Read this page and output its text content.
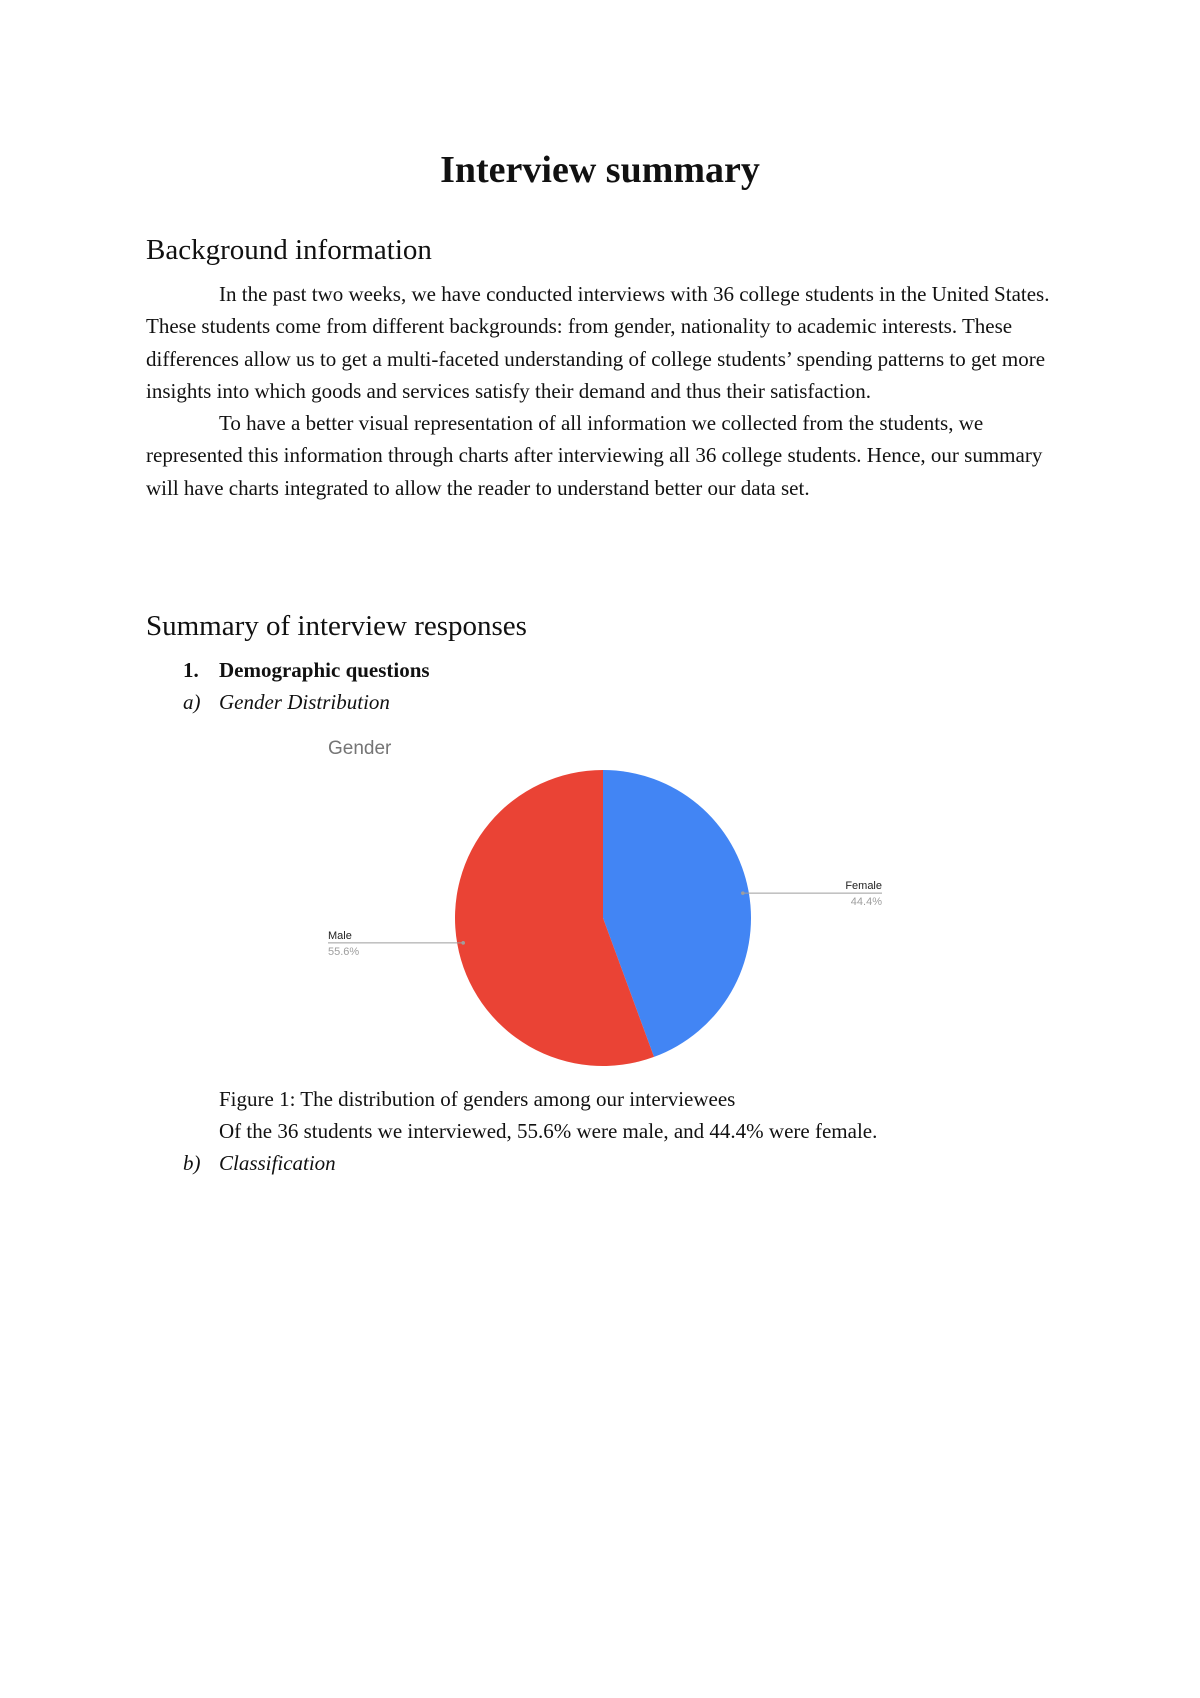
Interview summary
Background information

In the past two weeks, we have conducted interviews with 36 college students in the United States. These students come from different backgrounds: from gender, nationality to academic interests. These differences allow us to get a multi-faceted understanding of college students’ spending patterns to get more insights into which goods and services satisfy their demand and thus their satisfaction.

To have a better visual representation of all information we collected from the students, we represented this information through charts after interviewing all 36 college students. Hence, our summary will have charts integrated to allow the reader to understand better our data set.

Summary of interview responses
1. Demographic questions
a) Gender Distribution
Gender
Female
44.4%
Male
55.6%
Figure 1: The distribution of genders among our interviewees
Of the 36 students we interviewed, 55.6% were male, and 44.4% were female.
b) Classification
